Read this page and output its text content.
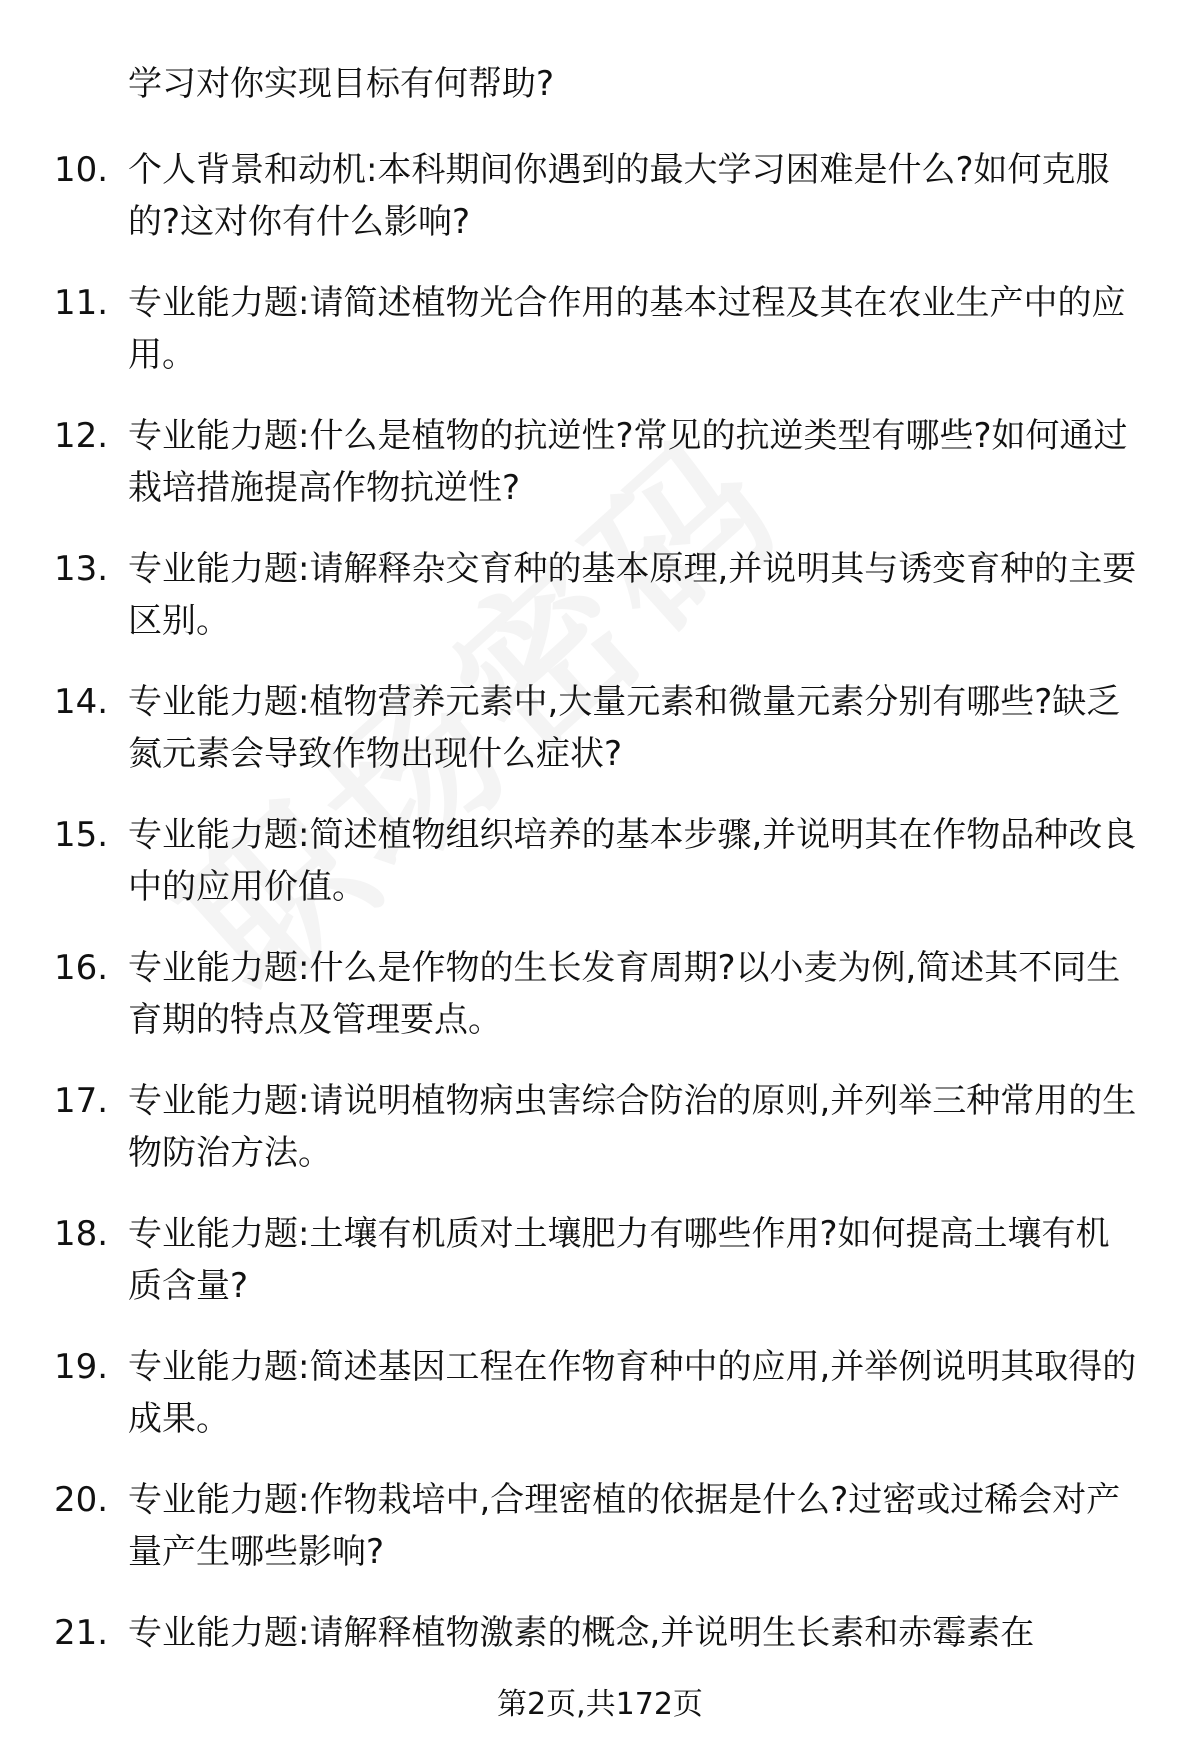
学习对你实现目标有何帮助?

10. 个人背景和动机:本科期间你遇到的最大学习困难是什么?如何克服的?这对你有什么影响?
11. 专业能力题:请简述植物光合作用的基本过程及其在农业生产中的应用。
12. 专业能力题:什么是植物的抗逆性?常见的抗逆类型有哪些?如何通过栽培措施提高作物抗逆性?
13. 专业能力题:请解释杂交育种的基本原理,并说明其与诱变育种的主要区别。
14. 专业能力题:植物营养元素中,大量元素和微量元素分别有哪些?缺乏氮元素会导致作物出现什么症状?
15. 专业能力题:简述植物组织培养的基本步骤,并说明其在作物品种改良中的应用价值。
16. 专业能力题:什么是作物的生长发育周期?以小麦为例,简述其不同生育期的特点及管理要点。
17. 专业能力题:请说明植物病虫害综合防治的原则,并列举三种常用的生物防治方法。
18. 专业能力题:土壤有机质对土壤肥力有哪些作用?如何提高土壤有机质含量?
19. 专业能力题:简述基因工程在作物育种中的应用,并举例说明其取得的成果。
20. 专业能力题:作物栽培中,合理密植的依据是什么?过密或过稀会对产量产生哪些影响?
21. 专业能力题:请解释植物激素的概念,并说明生长素和赤霉素在
第2页,共172页
